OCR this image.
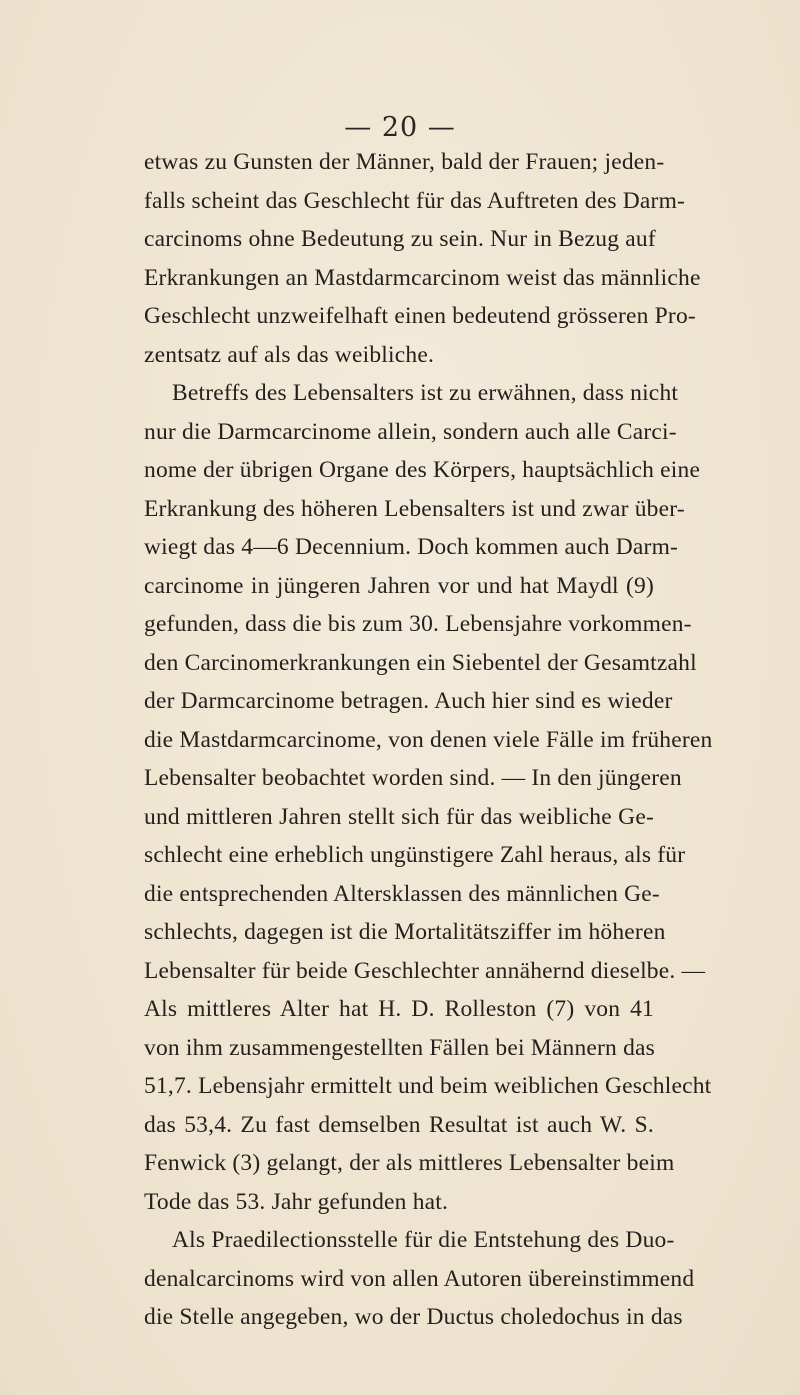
— 20 —
etwas zu Gunsten der Männer, bald der Frauen; jeden-
falls scheint das Geschlecht für das Auftreten des Darm-
carcinoms ohne Bedeutung zu sein. Nur in Bezug auf
Erkrankungen an Mastdarmcarcinom weist das männliche
Geschlecht unzweifelhaft einen bedeutend grösseren Pro-
zentsatz auf als das weibliche.
Betreffs des Lebensalters ist zu erwähnen, dass nicht
nur die Darmcarcinome allein, sondern auch alle Carci-
nome der übrigen Organe des Körpers, hauptsächlich eine
Erkrankung des höheren Lebensalters ist und zwar über-
wiegt das 4—6 Decennium. Doch kommen auch Darm-
carcinome in jüngeren Jahren vor und hat Maydl (9)
gefunden, dass die bis zum 30. Lebensjahre vorkommen-
den Carcinomerkrankungen ein Siebentel der Gesamtzahl
der Darmcarcinome betragen. Auch hier sind es wieder
die Mastdarmcarcinome, von denen viele Fälle im früheren
Lebensalter beobachtet worden sind. — In den jüngeren
und mittleren Jahren stellt sich für das weibliche Ge-
schlecht eine erheblich ungünstigere Zahl heraus, als für
die entsprechenden Altersklassen des männlichen Ge-
schlechts, dagegen ist die Mortalitätsziffer im höheren
Lebensalter für beide Geschlechter annähernd dieselbe. —
Als mittleres Alter hat H. D. Rolleston (7) von 41
von ihm zusammengestellten Fällen bei Männern das
51,7. Lebensjahr ermittelt und beim weiblichen Geschlecht
das 53,4. Zu fast demselben Resultat ist auch W. S.
Fenwick (3) gelangt, der als mittleres Lebensalter beim
Tode das 53. Jahr gefunden hat.
Als Praedilectionsstelle für die Entstehung des Duo-
denalcarcinoms wird von allen Autoren übereinstimmend
die Stelle angegeben, wo der Ductus choledochus in das
